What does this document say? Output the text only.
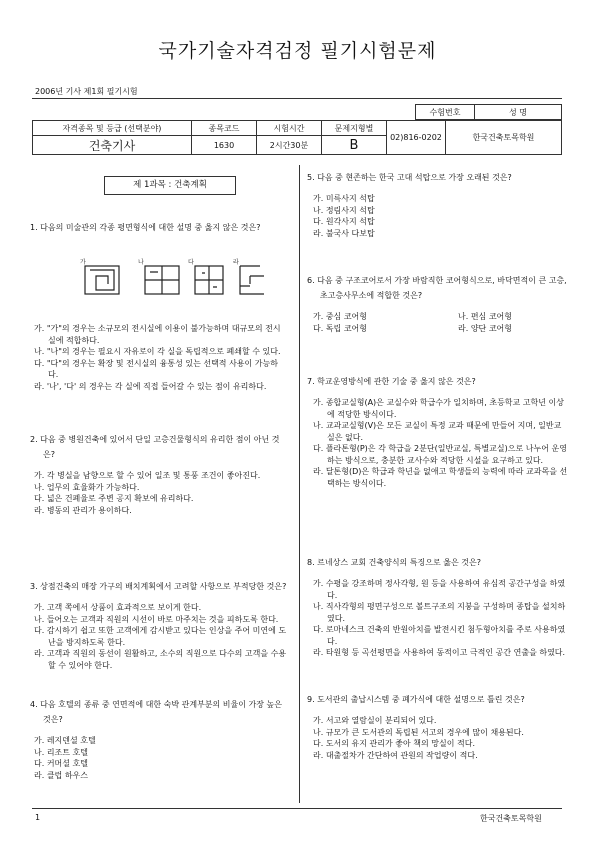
국가기술자격검정 필기시험문제
2006년 기사 제1회 필기시험
수험번호	성 명
자격종목 및 등급 (선택분야)	종목코드	시험시간	문제지형별	02)816-0202	한국건축토목학원
건축기사	1630	2시간30분	B		
제 1과목 : 건축계획
1. 다음의 미술관의 각종 평면형식에 대한 설명 중 옳지 않은 것은?
가	나	다	라
가. "가"의 경우는 소규모의 전시실에 이용이 불가능하며 대규모의 전시실에 적합하다.
나. "나"의 경우는 필요시 자유로이 각 실을 독립적으로 폐쇄할 수 있다.
다. "다"의 경우는 확장 및 전시실의 융통성 있는 선택적 사용이 가능하다.
라. '나', '다' 의 경우는 각 실에 직접 들어갈 수 있는 점이 유리하다.
2. 다음 중 병원건축에 있어서 단일 고층건물형식의 유리한 점이 아닌 것은?
가. 각 병실을 남향으로 할 수 있어 일조 및 통풍 조건이 좋아진다.
나. 업무의 효율화가 가능하다.
다. 넓은 건폐율로 주변 공지 확보에 유리하다.
라. 병동의 관리가 용이하다.
3. 상점건축의 매장 가구의 배치계획에서 고려할 사항으로 부적당한 것은?
가. 고객 쪽에서 상품이 효과적으로 보이게 한다.
나. 들어오는 고객과 직원의 시선이 바로 마주치는 것을 피하도록 한다.
다. 감시하기 쉽고 또한 고객에게 감시받고 있다는 인상을 주어 미연에 도난을 방지하도록 한다.
라. 고객과 직원의 동선이 원활하고, 소수의 직원으로 다수의 고객을 수용할 수 있어야 한다.
4. 다음 호텔의 종류 중 연면적에 대한 숙박 관계부분의 비율이 가장 높은 것은?
가. 레지덴셜 호텔
나. 리조트 호텔
다. 커머셜 호텔
라. 클럽 하우스
5. 다음 중 현존하는 한국 고대 석탑으로 가장 오래된 것은?
가. 미륵사지 석탑
나. 정림사지 석탑
다. 원각사지 석탑
라. 불국사 다보탑
6. 다음 중 구조코어로서 가장 바람직한 코어형식으로, 바닥면적이 큰 고층, 초고층사무소에 적합한 것은?
가. 중심 코어형	나. 편심 코어형
다. 독립 코어형	라. 양단 코어형
7. 학교운영방식에 관한 기술 중 옳지 않은 것은?
가. 종합교실형(A)은 교실수와 학급수가 일치하며, 초등학교 고학년 이상에 적당한 방식이다.
나. 교과교실형(V)은 모든 교실이 특정 교과 때문에 만들어 지며, 일반교실은 없다.
다. 플라톤형(P)은 각 학급을 2분단(일반교실, 특별교실)으로 나누어 운영하는 방식으로, 충분한 교사수와 적당한 시설을 요구하고 있다.
라. 달톤형(D)은 학급과 학년을 없애고 학생들의 능력에 따라 교과목을 선택하는 방식이다.
8. 르네상스 교회 건축양식의 특징으로 옳은 것은?
가. 수평을 강조하며 정사각형, 원 등을 사용하여 유심적 공간구성을 하였다.
나. 직사각형의 평면구성으로 볼트구조의 지붕을 구성하며 종탑을 설치하였다.
다. 로마네스크 건축의 반원아치를 발전시킨 첨두형아치를 주로 사용하였다.
라. 타원형 등 곡선평면을 사용하여 동적이고 극적인 공간 연출을 하였다.
9. 도서관의 출납시스템 중 폐가식에 대한 설명으로 틀린 것은?
가. 서고와 열람실이 분리되어 있다.
나. 규모가 큰 도서관의 독립된 서고의 경우에 많이 채용된다.
다. 도서의 유지 관리가 좋아 책의 망실이 적다.
라. 대출절차가 간단하여 관원의 작업량이 적다.
1	한국건축토목학원
